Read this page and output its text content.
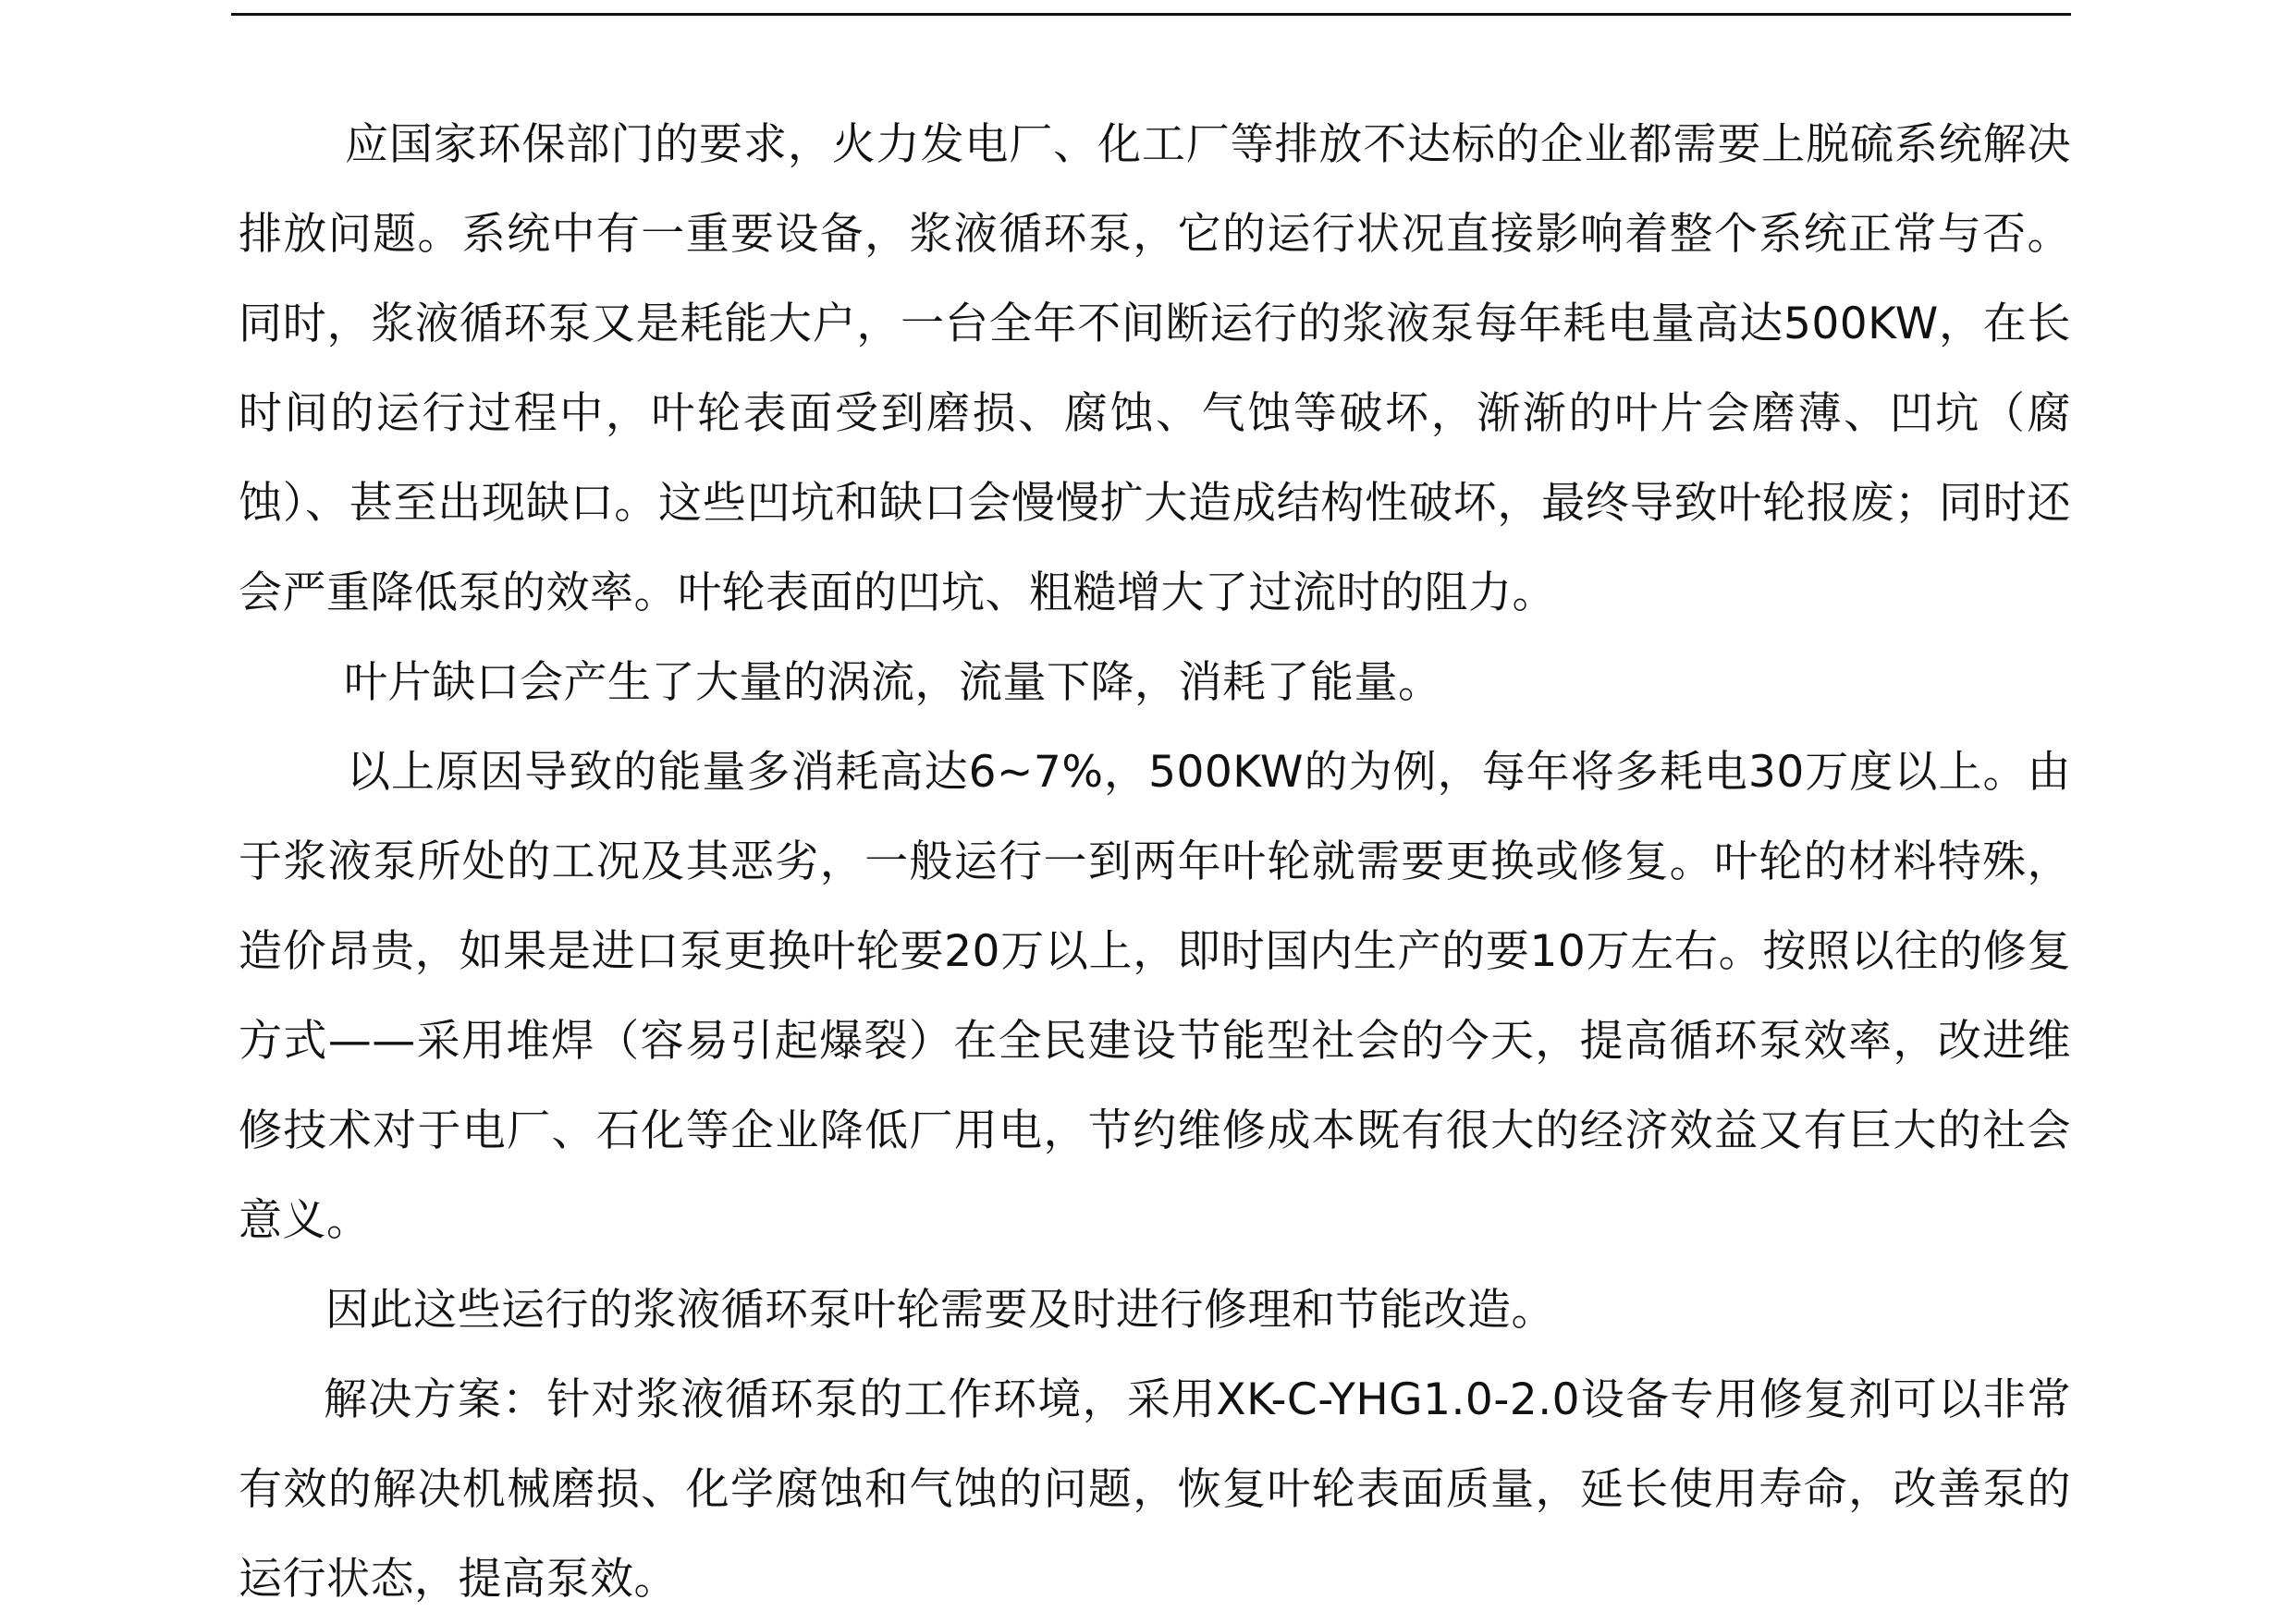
应国家环保部门的要求，火力发电厂、化工厂等排放不达标的企业都需要上脱硫系统解决排放问题。系统中有一重要设备，浆液循环泵，它的运行状况直接影响着整个系统正常与否。同时，浆液循环泵又是耗能大户，一台全年不间断运行的浆液泵每年耗电量高达500KW，在长时间的运行过程中，叶轮表面受到磨损、腐蚀、气蚀等破坏，渐渐的叶片会磨薄、凹坑（腐蚀）、甚至出现缺口。这些凹坑和缺口会慢慢扩大造成结构性破坏，最终导致叶轮报废；同时还会严重降低泵的效率。叶轮表面的凹坑、粗糙增大了过流时的阻力。

叶片缺口会产生了大量的涡流，流量下降，消耗了能量。

以上原因导致的能量多消耗高达6~7%，500KW的为例，每年将多耗电30万度以上。由于浆液泵所处的工况及其恶劣，一般运行一到两年叶轮就需要更换或修复。叶轮的材料特殊，造价昂贵，如果是进口泵更换叶轮要20万以上，即时国内生产的要10万左右。按照以往的修复方式——采用堆焊（容易引起爆裂）在全民建设节能型社会的今天，提高循环泵效率，改进维修技术对于电厂、石化等企业降低厂用电，节约维修成本既有很大的经济效益又有巨大的社会意义。

因此这些运行的浆液循环泵叶轮需要及时进行修理和节能改造。

解决方案：针对浆液循环泵的工作环境，采用XK-C-YHG1.0-2.0设备专用修复剂可以非常有效的解决机械磨损、化学腐蚀和气蚀的问题，恢复叶轮表面质量，延长使用寿命，改善泵的运行状态，提高泵效。
